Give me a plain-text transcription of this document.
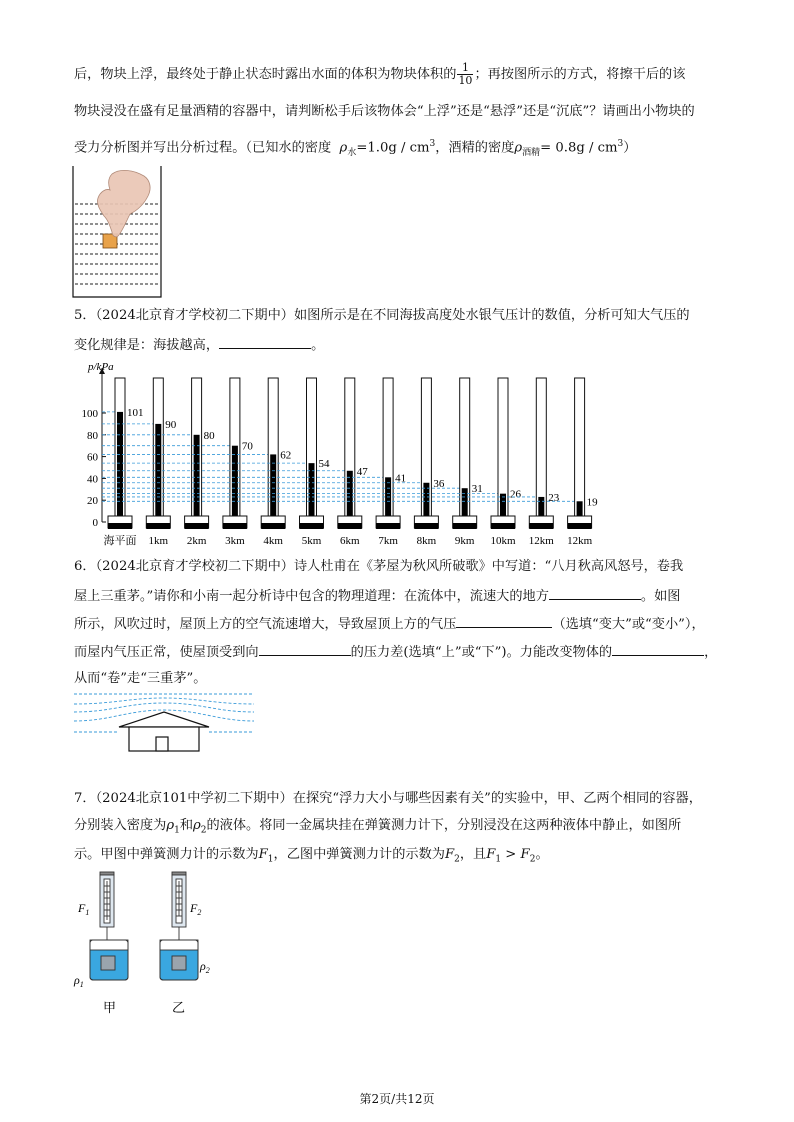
后，物块上浮，最终处于静止状态时露出水面的体积为物块体积的 $\frac{1}{10}$ ；再按图所示的方式，将擦干后的该
物块浸没在盛有足量酒精的容器中，请判断松手后该物体会“上浮”还是“悬浮”还是“沉底”？请画出小物块的
受力分析图并写出分析过程。（已知水的密度 $\rho_水=1.0g / cm^3$，酒精的密度$\rho_{酒精}= 0.8g / cm^3$）
5．（2024北京育才学校初二下期中）如图所示是在不同海拔高度处水银气压计的数值，分析可知大气压的
变化规律是：海拔越高，	。
p/kPa
0
20
40
60
80
100	101
海平面
90
1km
80
2km
70
3km
62
4km
54
5km
47
6km
41
7km
36
8km
31
9km
26
10km
23
12km
19
12km
6．（2024北京育才学校初二下期中）诗人杜甫在《茅屋为秋风所破歌》中写道：“八月秋高风怒号，卷我
屋上三重茅。”请你和小南一起分析诗中包含的物理道理：在流体中，流速大的地方	。如图
所示，风吹过时，屋顶上方的空气流速增大，导致屋顶上方的气压	（选填“变大”或“变小”），
而屋内气压正常，使屋顶受到向	的压力差(选填“上”或“下”)。力能改变物体的	，
从而“卷”走“三重茅”。
7．（2024北京101中学初二下期中）在探究“浮力大小与哪些因素有关”的实验中，甲、乙两个相同的容器，
分别装入密度为$\rho_1$和$\rho_2$的液体。将同一金属块挂在弹簧测力计下，分别浸没在这两种液体中静止，如图所
示。甲图中弹簧测力计的示数为$F_1$，乙图中弹簧测力计的示数为$F_2$，且$F_1 > F_2$。
$F_1$
$\rho_1$
甲
$F_2$
$\rho_2$
乙
第2页/共12页
